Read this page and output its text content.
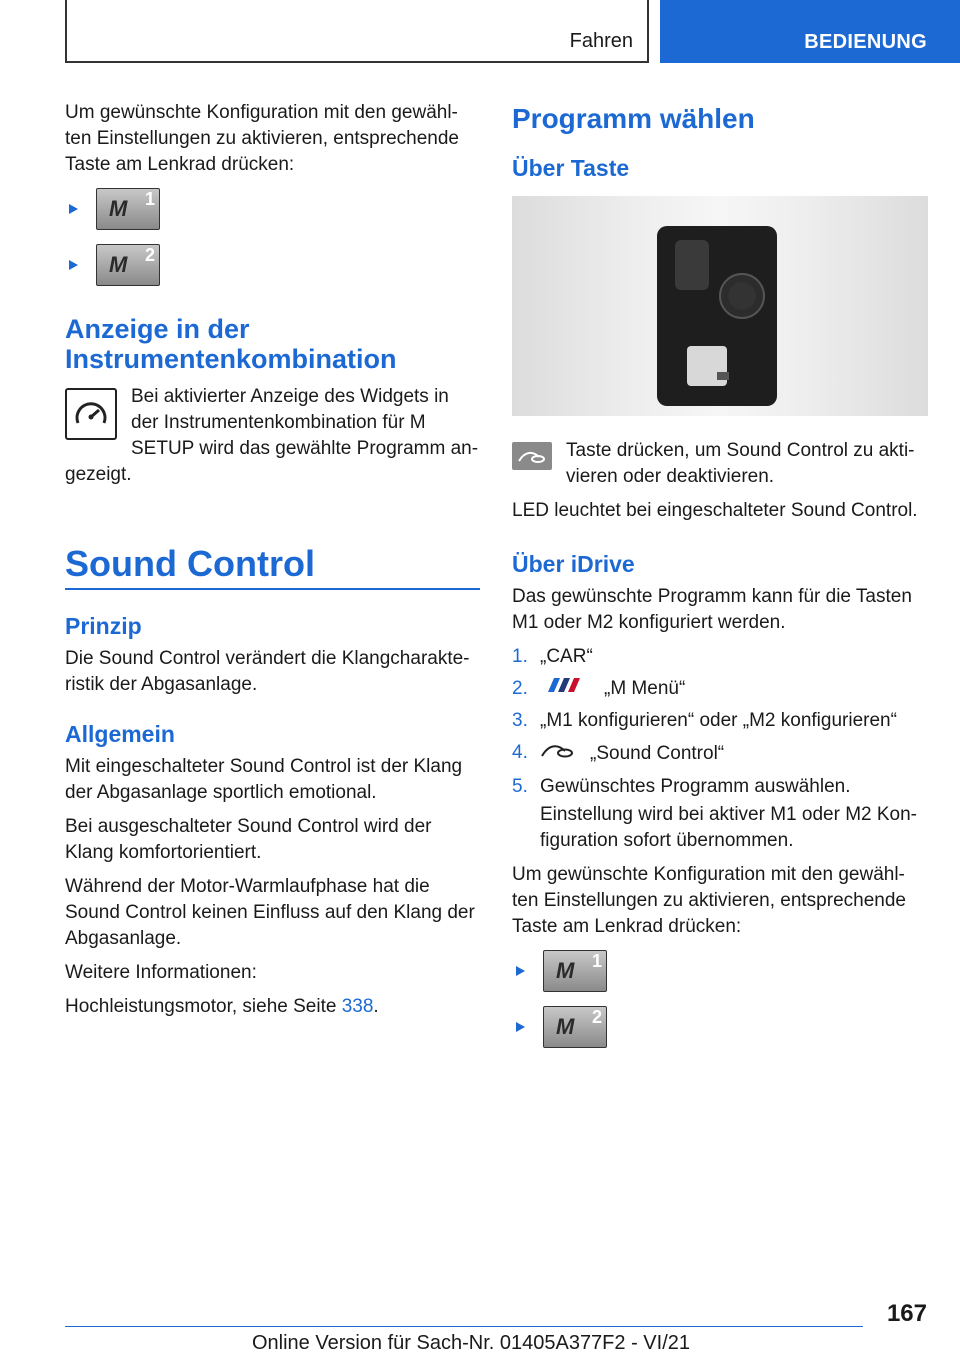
Fahren	BEDIENUNG

Um gewünschte Konfiguration mit den gewähl-ten Einstellungen zu aktivieren, entsprechende Taste am Lenkrad drücken:

M 1
M 2
Anzeige in der Instrumentenkombination

Bei aktivierter Anzeige des Widgets in der Instrumentenkombination für M SETUP wird das gewählte Programm an-gezeigt.

Sound Control
Prinzip

Die Sound Control verändert die Klangcharakte-ristik der Abgasanlage.

Allgemein

Mit eingeschalteter Sound Control ist der Klang der Abgasanlage sportlich emotional.

Bei ausgeschalteter Sound Control wird der Klang komfortorientiert.

Während der Motor-Warmlaufphase hat die Sound Control keinen Einfluss auf den Klang der Abgasanlage.

Weitere Informationen:

Hochleistungsmotor, siehe Seite 338.

Programm wählen
Über Taste

Taste drücken, um Sound Control zu akti-vieren oder deaktivieren.

LED leuchtet bei eingeschalteter Sound Control.

Über iDrive

Das gewünschte Programm kann für die Tasten M1 oder M2 konfiguriert werden.

1. „CAR“
2.	„M Menü“
3. „M1 konfigurieren“ oder „M2 konfigurieren“
4.	„Sound Control“
5. Gewünschtes Programm auswählen.

Einstellung wird bei aktiver M1 oder M2 Kon-figuration sofort übernommen.

Um gewünschte Konfiguration mit den gewähl-ten Einstellungen zu aktivieren, entsprechende Taste am Lenkrad drücken:

M 1
M 2
167
Online Version für Sach-Nr. 01405A377F2 - VI/21
